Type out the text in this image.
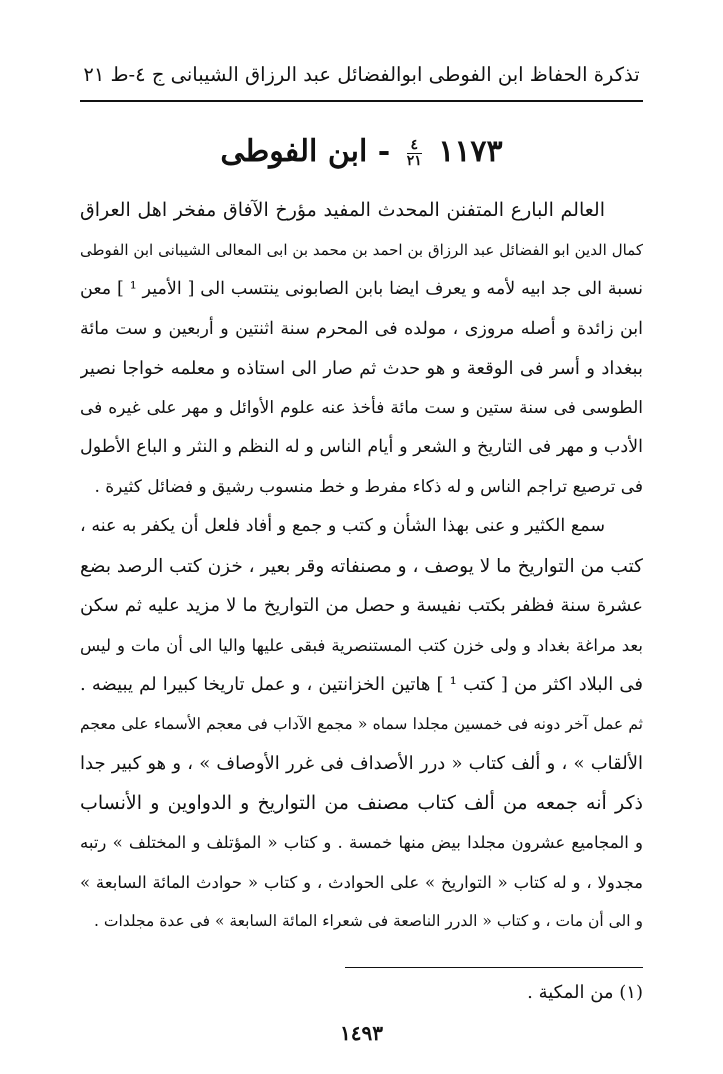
تذكرة الحفاظ ابن الفوطى ابوالفضائل عبد الرزاق الشيبانى ج ٤-ط ٢١
١١٧٣
$\frac{٤}{٢١}$
- ابن الفوطى
العالم البارع المتفنن المحدث المفيد مؤرخ الآفاق مفخر اهل العراق
كمال الدين ابو الفضائل عبد الرزاق بن احمد بن محمد بن ابى المعالى الشيبانى ابن الفوطى
نسبة الى جد ابيه لأمه و يعرف ايضا بابن الصابونى ينتسب الى [ الأمير ¹ ] معن
ابن زائدة و أصله مروزى ، مولده فى المحرم سنة اثنتين و أربعين و ست مائة
ببغداد و أسر فى الوقعة و هو حدث ثم صار الى استاذه و معلمه خواجا نصير
الطوسى فى سنة ستين و ست مائة فأخذ عنه علوم الأوائل و مهر على غيره فى
الأدب و مهر فى التاريخ و الشعر و أيام الناس و له النظم و النثر و الباع الأطول
فى ترصيع تراجم الناس و له ذكاء مفرط و خط منسوب رشيق و فضائل كثيرة .
سمع الكثير و عنى بهذا الشأن و كتب و جمع و أفاد فلعل أن يكفر به عنه ،
كتب من التواريخ ما لا يوصف ، و مصنفاته وقر بعير ، خزن كتب الرصد بضع
عشرة سنة فظفر بكتب نفيسة و حصل من التواريخ ما لا مزيد عليه ثم سكن
بعد مراغة بغداد و ولى خزن كتب المستنصرية فبقى عليها واليا الى أن مات و ليس
فى البلاد اكثر من [ كتب ¹ ] هاتين الخزانتين ، و عمل تاريخا كبيرا لم يبيضه .
ثم عمل آخر دونه فى خمسين مجلدا سماه « مجمع الآداب فى معجم الأسماء على معجم
الألقاب » ، و ألف كتاب « درر الأصداف فى غرر الأوصاف » ، و هو كبير جدا
ذكر أنه جمعه من ألف كتاب مصنف من التواريخ و الدواوين و الأنساب
و المجاميع عشرون مجلدا بيض منها خمسة . و كتاب « المؤتلف و المختلف » رتبه
مجدولا ، و له كتاب « التواريخ » على الحوادث ، و كتاب « حوادث المائة السابعة »
و الى أن مات ، و كتاب « الدرر الناصعة فى شعراء المائة السابعة » فى عدة مجلدات .
(١) من المكية .
١٤٩٣
